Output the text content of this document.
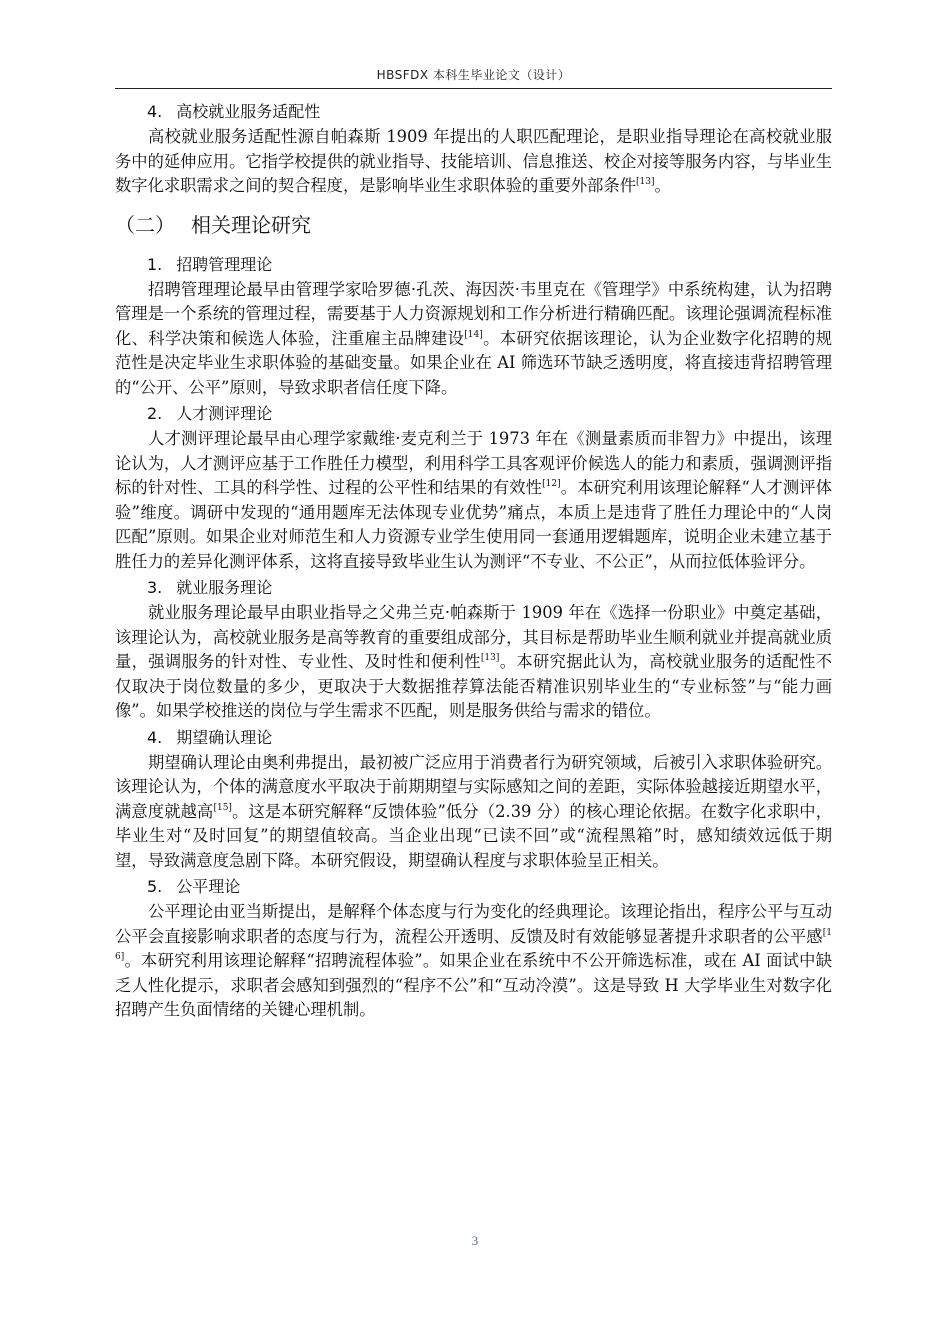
HBSFDX 本科生毕业论文（设计）
4. 高校就业服务适配性

高校就业服务适配性源自帕森斯 1909 年提出的人职匹配理论，是职业指导理论在高校就业服务中的延伸应用。它指学校提供的就业指导、技能培训、信息推送、校企对接等服务内容，与毕业生数字化求职需求之间的契合程度，是影响毕业生求职体验的重要外部条件[13]。

（二） 相关理论研究
1. 招聘管理理论

招聘管理理论最早由管理学家哈罗德·孔茨、海因茨·韦里克在《管理学》中系统构建，认为招聘管理是一个系统的管理过程，需要基于人力资源规划和工作分析进行精确匹配。该理论强调流程标准化、科学决策和候选人体验，注重雇主品牌建设[14]。本研究依据该理论，认为企业数字化招聘的规范性是决定毕业生求职体验的基础变量。如果企业在 AI 筛选环节缺乏透明度，将直接违背招聘管理的“公开、公平”原则，导致求职者信任度下降。

2. 人才测评理论

人才测评理论最早由心理学家戴维·麦克利兰于 1973 年在《测量素质而非智力》中提出，该理论认为，人才测评应基于工作胜任力模型，利用科学工具客观评价候选人的能力和素质，强调测评指标的针对性、工具的科学性、过程的公平性和结果的有效性[12]。本研究利用该理论解释“人才测评体验”维度。调研中发现的“通用题库无法体现专业优势”痛点，本质上是违背了胜任力理论中的“人岗匹配”原则。如果企业对师范生和人力资源专业学生使用同一套通用逻辑题库，说明企业未建立基于胜任力的差异化测评体系，这将直接导致毕业生认为测评“不专业、不公正”，从而拉低体验评分。

3. 就业服务理论

就业服务理论最早由职业指导之父弗兰克·帕森斯于 1909 年在《选择一份职业》中奠定基础，该理论认为，高校就业服务是高等教育的重要组成部分，其目标是帮助毕业生顺利就业并提高就业质量，强调服务的针对性、专业性、及时性和便利性[13]。本研究据此认为，高校就业服务的适配性不仅取决于岗位数量的多少，更取决于大数据推荐算法能否精准识别毕业生的“专业标签”与“能力画像”。如果学校推送的岗位与学生需求不匹配，则是服务供给与需求的错位。

4. 期望确认理论

期望确认理论由奥利弗提出，最初被广泛应用于消费者行为研究领域，后被引入求职体验研究。该理论认为，个体的满意度水平取决于前期期望与实际感知之间的差距，实际体验越接近期望水平，满意度就越高[15]。这是本研究解释“反馈体验”低分（2.39 分）的核心理论依据。在数字化求职中，毕业生对“及时回复”的期望值较高。当企业出现“已读不回”或“流程黑箱”时，感知绩效远低于期望，导致满意度急剧下降。本研究假设，期望确认程度与求职体验呈正相关。

5. 公平理论

公平理论由亚当斯提出，是解释个体态度与行为变化的经典理论。该理论指出，程序公平与互动公平会直接影响求职者的态度与行为，流程公开透明、反馈及时有效能够显著提升求职者的公平感[16]。本研究利用该理论解释“招聘流程体验”。如果企业在系统中不公开筛选标准，或在 AI 面试中缺乏人性化提示，求职者会感知到强烈的“程序不公”和“互动冷漠”。这是导致 H 大学毕业生对数字化招聘产生负面情绪的关键心理机制。

3
